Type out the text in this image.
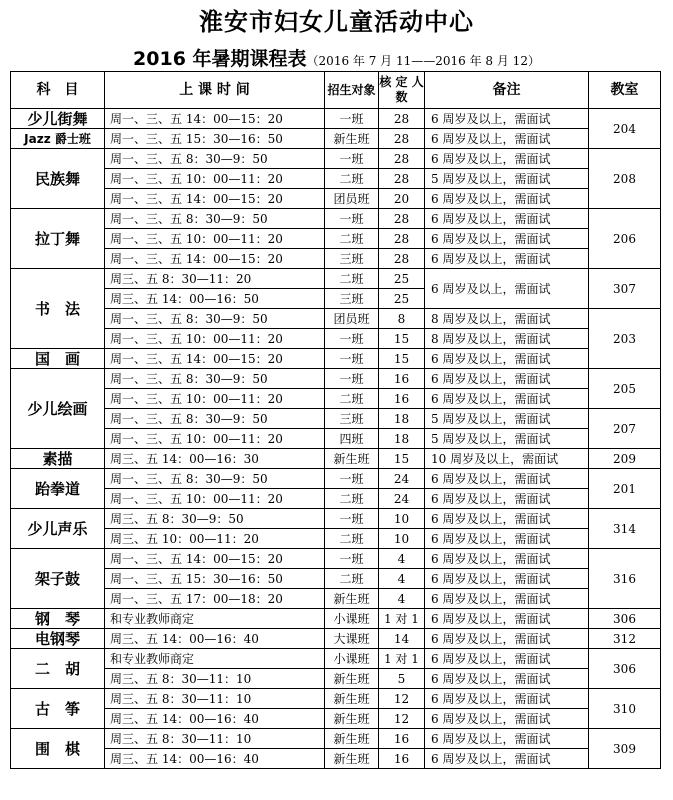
淮安市妇女儿童活动中心
2016 年暑期课程表（2016 年 7 月 11——2016 年 8 月 12）
科　目	上 课 时 间	招生对象	核 定 人 数	备注	教室
少儿街舞	周一、三、五 14：00—15：20	一班	28	6 周岁及以上，需面试	204
Jazz 爵士班	周一、三、五 15：30—16：50	新生班	28	6 周岁及以上，需面试	
民族舞	周一、三、五 8：30—9：50	一班	28	6 周岁及以上，需面试	208
	周一、三、五 10：00—11：20	二班	28	5 周岁及以上，需面试	
	周一、三、五 14：00—15：20	团员班	20	6 周岁及以上，需面试	
拉丁舞	周一、三、五 8：30—9：50	一班	28	6 周岁及以上，需面试	206
	周一、三、五 10：00—11：20	二班	28	6 周岁及以上，需面试	
	周一、三、五 14：00—15：20	三班	28	6 周岁及以上，需面试	
书　法	周三、五 8：30—11：20	二班	25	6 周岁及以上，需面试	307
	周三、五 14：00—16：50	三班	25		
	周一、三、五 8：30—9：50	团员班	8	8 周岁及以上，需面试	203
	周一、三、五 10：00—11：20	一班	15	8 周岁及以上，需面试	
国　画	周一、三、五 14：00—15：20	一班	15	6 周岁及以上，需面试	
少儿绘画	周一、三、五 8：30—9：50	一班	16	6 周岁及以上，需面试	205
	周一、三、五 10：00—11：20	二班	16	6 周岁及以上，需面试	
	周一、三、五 8：30—9：50	三班	18	5 周岁及以上，需面试	207
	周一、三、五 10：00—11：20	四班	18	5 周岁及以上，需面试	
素描	周三、五 14：00—16：30	新生班	15	10 周岁及以上，需面试	209
跆拳道	周一、三、五 8：30—9：50	一班	24	6 周岁及以上，需面试	201
	周一、三、五 10：00—11：20	二班	24	6 周岁及以上，需面试	
少儿声乐	周三、五 8：30—9：50	一班	10	6 周岁及以上，需面试	314
	周三、五 10：00—11：20	二班	10	6 周岁及以上，需面试	
架子鼓	周一、三、五 14：00—15：20	一班	4	6 周岁及以上，需面试	316
	周一、三、五 15：30—16：50	二班	4	6 周岁及以上，需面试	
	周一、三、五 17：00—18：20	新生班	4	6 周岁及以上，需面试	
钢　琴	和专业教师商定	小课班	1 对 1	6 周岁及以上，需面试	306
电钢琴	周三、五 14：00—16：40	大课班	14	6 周岁及以上，需面试	312
二　胡	和专业教师商定	小课班	1 对 1	6 周岁及以上，需面试	306
	周三、五 8：30—11：10	新生班	5	6 周岁及以上，需面试	
古　筝	周三、五 8：30—11：10	新生班	12	6 周岁及以上，需面试	310
	周三、五 14：00—16：40	新生班	12	6 周岁及以上，需面试	
围　棋	周三、五 8：30—11：10	新生班	16	6 周岁及以上，需面试	309
	周三、五 14：00—16：40	新生班	16	6 周岁及以上，需面试	
